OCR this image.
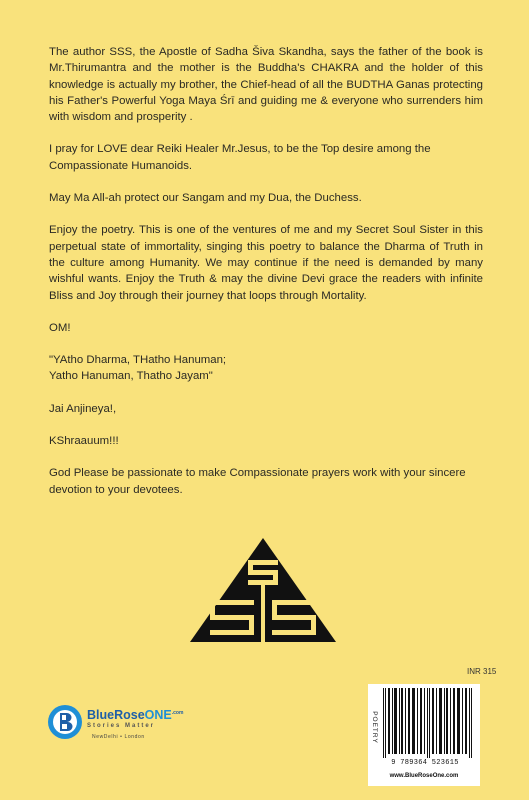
The author SSS, the Apostle of Sadha Šiva Skandha, says the father of the book is Mr.Thirumantra and the mother is the Buddha's CHAKRA and the holder of this knowledge is actually my brother, the Chief-head of all the BUDTHA Ganas protecting his Father's Powerful Yoga Maya Śrī and guiding me & everyone who surrenders him with wisdom and prosperity .

I pray for LOVE dear Reiki Healer Mr.Jesus, to be the Top desire among the Compassionate Humanoids.

May Ma All-ah protect our Sangam and my Dua, the Duchess.

Enjoy the poetry. This is one of the ventures of me and my Secret Soul Sister in this perpetual state of immortality, singing this poetry to balance the Dharma of Truth in the culture among Humanity. We may continue if the need is demanded by many wishful wants. Enjoy the Truth & may the divine Devi grace the readers with infinite Bliss and Joy through their journey that loops through Mortality.

OM!

"YAtho Dharma, THatho Hanuman;
Yatho Hanuman, Thatho Jayam"

Jai Anjineya!,

KShraauum!!!

God Please be passionate to make Compassionate prayers work with your sincere devotion to your devotees.

INR 315
POETRY
9 789364 523615
www.BlueRoseOne.com
BlueRoseONE$^{.com}$
Stories Matter
NewDelhi • London
